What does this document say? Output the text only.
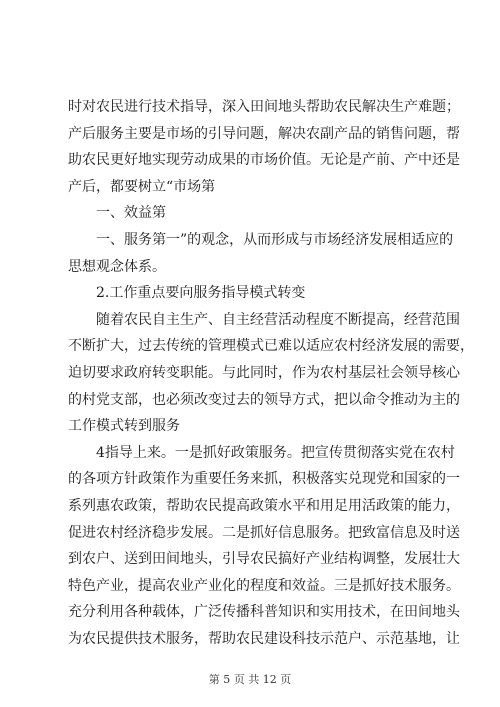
时对农民进行技术指导，深入田间地头帮助农民解决生产难题；
产后服务主要是市场的引导问题，解决农副产品的销售问题，帮
助农民更好地实现劳动成果的市场价值。无论是产前、产中还是
产后，都要树立“市场第
一、效益第
一、服务第一”的观念，从而形成与市场经济发展相适应的
思想观念体系。
2.工作重点要向服务指导模式转变
随着农民自主生产、自主经营活动程度不断提高，经营范围
不断扩大，过去传统的管理模式已难以适应农村经济发展的需要，
迫切要求政府转变职能。与此同时，作为农村基层社会领导核心
的村党支部，也必须改变过去的领导方式，把以命令推动为主的
工作模式转到服务
4指导上来。一是抓好政策服务。把宣传贯彻落实党在农村
的各项方针政策作为重要任务来抓，积极落实兑现党和国家的一
系列惠农政策，帮助农民提高政策水平和用足用活政策的能力，
促进农村经济稳步发展。二是抓好信息服务。把致富信息及时送
到农户、送到田间地头，引导农民搞好产业结构调整，发展壮大
特色产业，提高农业产业化的程度和效益。三是抓好技术服务。
充分利用各种载体，广泛传播科普知识和实用技术，在田间地头
为农民提供技术服务，帮助农民建设科技示范户、示范基地，让
第 5 页 共 12 页
